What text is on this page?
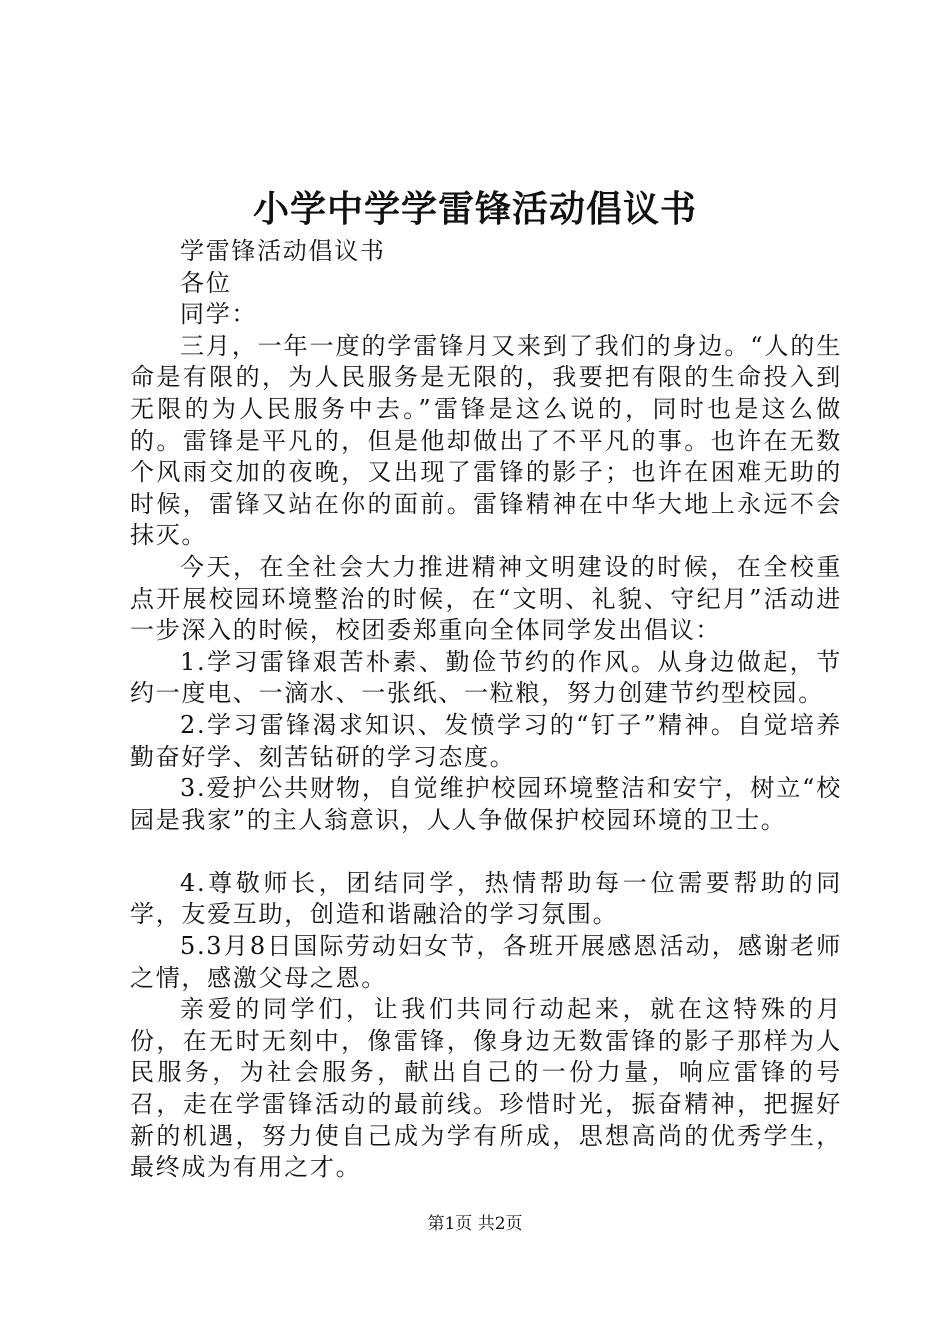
小学中学学雷锋活动倡议书

学雷锋活动倡议书

各位

同学：

三月，一年一度的学雷锋月又来到了我们的身边。“人的生命是有限的，为人民服务是无限的，我要把有限的生命投入到无限的为人民服务中去。”雷锋是这么说的，同时也是这么做的。雷锋是平凡的，但是他却做出了不平凡的事。也许在无数个风雨交加的夜晚，又出现了雷锋的影子；也许在困难无助的时候，雷锋又站在你的面前。雷锋精神在中华大地上永远不会抹灭。

今天，在全社会大力推进精神文明建设的时候，在全校重点开展校园环境整治的时候，在“文明、礼貌、守纪月”活动进一步深入的时候，校团委郑重向全体同学发出倡议：

1.学习雷锋艰苦朴素、勤俭节约的作风。从身边做起，节约一度电、一滴水、一张纸、一粒粮，努力创建节约型校园。

2.学习雷锋渴求知识、发愤学习的“钉子”精神。自觉培养勤奋好学、刻苦钻研的学习态度。

3.爱护公共财物，自觉维护校园环境整洁和安宁，树立“校园是我家”的主人翁意识，人人争做保护校园环境的卫士。

4.尊敬师长，团结同学，热情帮助每一位需要帮助的同学，友爱互助，创造和谐融洽的学习氛围。

5.3月8日国际劳动妇女节，各班开展感恩活动，感谢老师之情，感激父母之恩。

亲爱的同学们，让我们共同行动起来，就在这特殊的月份，在无时无刻中，像雷锋，像身边无数雷锋的影子那样为人民服务，为社会服务，献出自己的一份力量，响应雷锋的号召，走在学雷锋活动的最前线。珍惜时光，振奋精神，把握好新的机遇，努力使自己成为学有所成，思想高尚的优秀学生，最终成为有用之才。

第1页 共2页
